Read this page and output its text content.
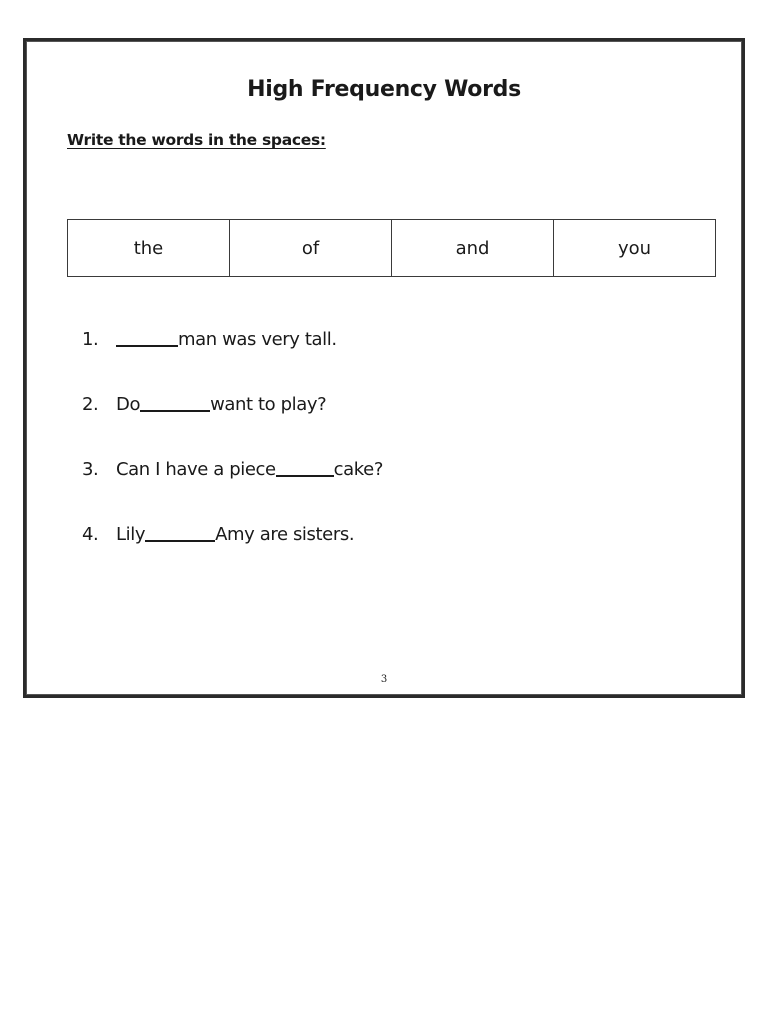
High Frequency Words
Write the words in the spaces:
the	of	and	you
1.	man was very tall.
2. Do	want to play?
3. Can I have a piece	cake?
4. Lily	Amy are sisters.
3
